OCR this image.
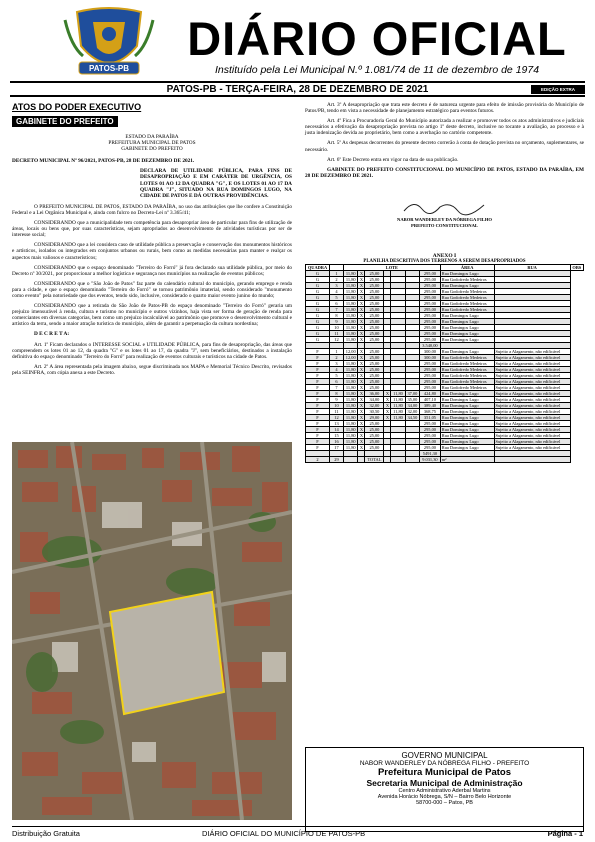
PATOS-PB
DIÁRIO OFICIAL
Instituído pela Lei Municipal N.º 1.081/74 de 11 de dezembro de 1974
PATOS-PB - TERÇA-FEIRA, 28 DE DEZEMBRO DE 2021	EDIÇÃO EXTRA
ATOS DO PODER EXECUTIVO
GABINETE DO PREFEITO
ESTADO DA PARAÍBA
PREFEITURA MUNICIPAL DE PATOS
GABINETE DO PREFEITO

DECRETO MUNICIPAL Nº 96/2021, PATOS-PB, 28 DE DEZEMBRO DE 2021.

DECLARA DE UTILIDADE PÚBLICA, PARA FINS DE DESAPROPRIAÇÃO E EM CARÁTER DE URGÊNCIA, OS LOTES 01 AO 12 DA QUADRA "G", E OS LOTES 01 AO 17 DA QUADRA "J", SITUADO NA RUA DOMINGOS LUGO, NA CIDADE DE PATOS E DÁ OUTRAS PROVIDÊNCIAS.

O PREFEITO MUNICIPAL DE PATOS, ESTADO DA PARAÍBA, no uso das atribuições que lhe confere a Constituição Federal e a Lei Orgânica Municipal e, ainda com fulcro no Decreto-Lei nº 3.365/41;

CONSIDERANDO que a municipalidade tem competência para desapropriar área de particular para fins de utilização de áreas, locais ou bens que, por suas características, sejam apropriados ao desenvolvimento de atividades turísticas por ser de interesse social;

CONSIDERANDO que a lei considera caso de utilidade pública a preservação e conservação dos monumentos históricos e artísticos, isolados ou integrados em conjuntos urbanos ou rurais, bem como as medidas necessárias para manter e realçar os aspectos mais valiosos e característicos;

CONSIDERANDO que o espaço denominado "Terreiro do Forró" já fora declarado sua utilidade pública, por meio do Decreto nº 30/2021, por proporcionar a melhor logística e segurança nos municípios na realização de eventos públicos;

CONSIDERANDO que o "São João de Patos" faz parte do calendário cultural do município, gerando emprego e renda para a cidade, e que o espaço denominado "Terreiro do Forró" se tornou patrimônio imaterial, sendo considerado "monumento como evento" pela notoriedade que dos eventos, tendo sido, inclusive, considerado o quarto maior evento junino do mundo;

CONSIDERANDO que a retirada do São João de Patos-PB do espaço denominado "Terreiro do Forró" geraria um prejuízo imensurável à renda, cultura e turismo no município e outros vizinhos, haja vista ser forma de geração de renda para comerciantes em diversas categorias, bem como um prejuízo incalculável ao patrimônio que promove o desenvolvimento cultural e artístico da terra, sendo a maior atração turística do município, além de garantir a perpetuação da cultura nordestina;

D E C R E T A:

Art. 1º Ficam declarados o INTERESSE SOCIAL e UTILIDADE PÚBLICA, para fins de desapropriação, das áreas que compreendem os lotes 01 ao 12, da quadra "G" e os lotes 01 ao 17, da quadra "J", sem beneficiários, destinados a instalação definitiva do espaço denominado "Terreiro do Forró" para realização de eventos culturais e turísticos na cidade de Patos.

Art. 2º A área representada pela imagem abaixo, segue discriminada nos MAPA e Memorial Técnico Descrito, revisados pela SEINFRA, com cópia anexa a este Decreto.

Art. 3º A desapropriação que trata este decreto é de natureza urgente para efeito de imissão provisória do Município de Patos/PB, tendo em vista a necessidade de planejamento estratégico para eventos futuros.

Art. 4º Fica a Procuradoria Geral do Município autorizada a realizar e promover todos os atos administrativos e judiciais necessários a efetivação da desapropriação prevista no artigo 1º deste decreto, inclusive no tocante a avaliação, ao processo e à justa indenização devida ao proprietário, bem como a averbação no cartório competente.

Art. 5º As despesas decorrentes do presente decreto correrão à conta de dotação prevista no orçamento, suplementares, se necessário.

Art. 6º Este Decreto entra em vigor na data de sua publicação.

GABINETE DO PREFEITO CONSTITUCIONAL DO MUNICÍPIO DE PATOS, ESTADO DA PARAÍBA, EM 28 DE DEZEMBRO DE 2021.

NABOR WANDERLEY DA NÓBREGA FILHO
PREFEITO CONSTITUCIONAL
ANEXO I
PLANILHA DESCRITIVA DOS TERRENOS A SEREM DESAPROPRIADOS
QUADRA		LOTE							ÁREA	RUA	OBS
G	1	11,80	X	25,00				295,00	Rua Domingos Lugo		
G	2	11,80	X	25,00				295,00	Rua Godofredo Medeiros		
G	3	11,80	X	25,00				295,00	Rua Domingos Lugo		
G	4	11,80	X	25,00				295,00	Rua Godofredo Medeiros		
G	5	11,80	X	25,00				295,00	Rua Godofredo Medeiros		
G	6	11,80	X	25,00				295,00	Rua Godofredo Medeiros		
G	7	11,80	X	25,00				295,00	Rua Godofredo Medeiros		
G	8	11,80	X	25,00				295,00	Rua Domingos Lugo		
G	9	11,80	X	25,00				295,00	Rua Domingos Lugo		
G	10	11,80	X	25,00				295,00	Rua Domingos Lugo		
G	11	11,80	X	25,00				295,00	Rua Domingos Lugo		
G	12	11,80	X	25,00				295,00	Rua Domingos Lugo		
								3.540,00			
F	1	12,00	X	25,00				300,00	Rua Domingos Lugo	Sujeito a Alagamento, não edificável	
F	2	12,00	X	25,00				300,00	Rua Godofredo Medeiros	Sujeito a Alagamento, não edificável	
F	3	11,80	X	25,00				295,00	Rua Godofredo Medeiros	Sujeito a Alagamento, não edificável	
F	4	11,80	X	25,00				295,00	Rua Godofredo Medeiros	Sujeito a Alagamento, não edificável	
F	5	11,80	X	25,00				295,00	Rua Godofredo Medeiros	Sujeito a Alagamento, não edificável	
F	6	11,80	X	25,00				295,00	Rua Godofredo Medeiros	Sujeito a Alagamento, não edificável	
F	7	11,80	X	25,00				295,00	Rua Godofredo Medeiros	Sujeito a Alagamento, não edificável	
F	8	11,80	X	36,00	X	11,80	37,00	424,80	Rua Domingos Lugo	Sujeito a Alagamento, não edificável	
F	9	11,80	X	34,00	X	11,80	35,00	407,10	Rua Domingos Lugo	Sujeito a Alagamento, não edificável	
F	10	11,80	X	32,00	X	11,80	34,00	389,40	Rua Domingos Lugo	Sujeito a Alagamento, não edificável	
F	11	11,80	X	30,50	X	11,80	32,00	368,75	Rua Domingos Lugo	Sujeito a Alagamento, não edificável	
F	12	11,80	X	29,00	X	11,80	34,50	351,05	Rua Domingos Lugo	Sujeito a Alagamento, não edificável	
F	13	11,80	X	25,00				295,00	Rua Domingos Lugo	Sujeito a Alagamento, não edificável	
F	14	11,80	X	25,00				295,00	Rua Domingos Lugo	Sujeito a Alagamento, não edificável	
F	15	11,80	X	25,00				295,00	Rua Domingos Lugo	Sujeito a Alagamento, não edificável	
F	16	11,80	X	25,00				295,00	Rua Domingos Lugo	Sujeito a Alagamento, não edificável	
F	17	11,80	X	25,00				295,00	Rua Domingos Lugo	Sujeito a Alagamento, não edificável	
								5491,30			
2	29			TOTAL				9.031,30	m²		
GOVERNO MUNICIPAL
NABOR WANDERLEY DA NÓBREGA FILHO - PREFEITO
Prefeitura Municipal de Patos
Secretaria Municipal de Administração
Centro Administrativo Aderbal Martins
Avenida Horácio Nóbrega, S/N – Bairro Belo Horizonte
58700-000 – Patos, PB
Distribuição Gratuita	DIÁRIO OFICIAL DO MUNICÍPIO DE PATOS-PB	Página - 1
